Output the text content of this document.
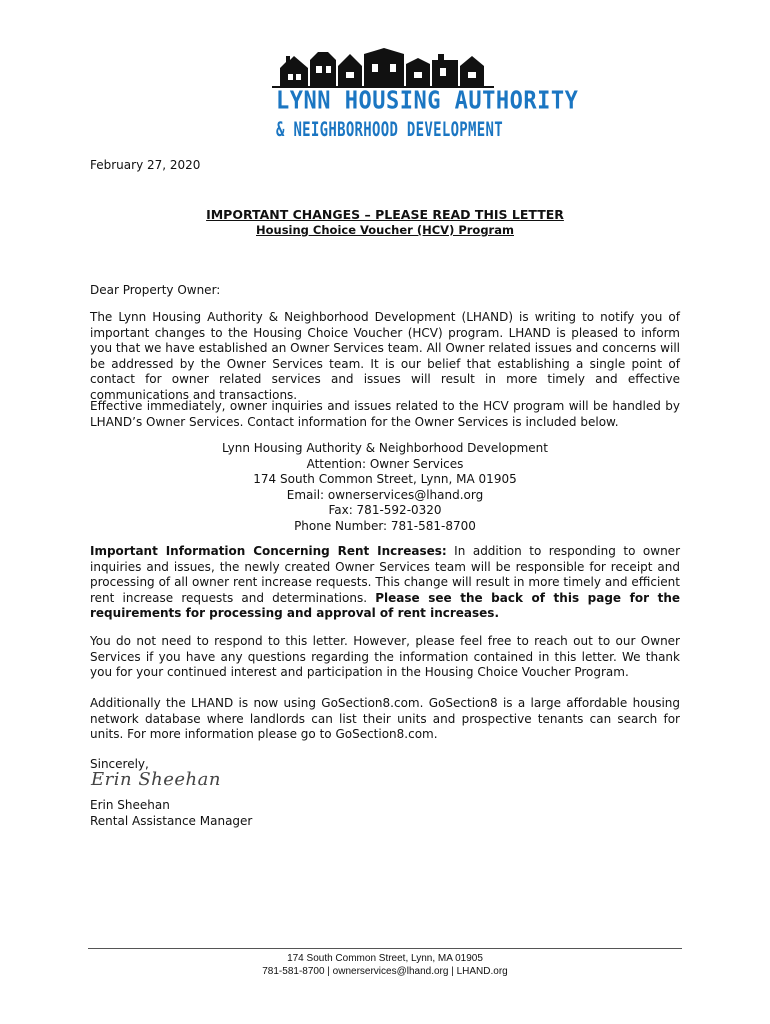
LYNN HOUSING AUTHORITY
& NEIGHBORHOOD DEVELOPMENT
February 27, 2020
IMPORTANT CHANGES – PLEASE READ THIS LETTER
Housing Choice Voucher (HCV) Program
Dear Property Owner:
The Lynn Housing Authority & Neighborhood Development (LHAND) is writing to notify you of important changes to the Housing Choice Voucher (HCV) program. LHAND is pleased to inform you that we have established an Owner Services team. All Owner related issues and concerns will be addressed by the Owner Services team. It is our belief that establishing a single point of contact for owner related services and issues will result in more timely and effective communications and transactions.
Effective immediately, owner inquiries and issues related to the HCV program will be handled by LHAND’s Owner Services. Contact information for the Owner Services is included below.
Lynn Housing Authority & Neighborhood Development
Attention: Owner Services
174 South Common Street, Lynn, MA 01905
Email: ownerservices@lhand.org
Fax: 781-592-0320
Phone Number: 781-581-8700
Important Information Concerning Rent Increases: In addition to responding to owner inquiries and issues, the newly created Owner Services team will be responsible for receipt and processing of all owner rent increase requests. This change will result in more timely and efficient rent increase requests and determinations. Please see the back of this page for the requirements for processing and approval of rent increases.
You do not need to respond to this letter. However, please feel free to reach out to our Owner Services if you have any questions regarding the information contained in this letter. We thank you for your continued interest and participation in the Housing Choice Voucher Program.
Additionally the LHAND is now using GoSection8.com. GoSection8 is a large affordable housing network database where landlords can list their units and prospective tenants can search for units. For more information please go to GoSection8.com.
Sincerely,
Erin Sheehan
Erin Sheehan
Rental Assistance Manager
174 South Common Street, Lynn, MA 01905
781-581-8700 | ownerservices@lhand.org | LHAND.org
